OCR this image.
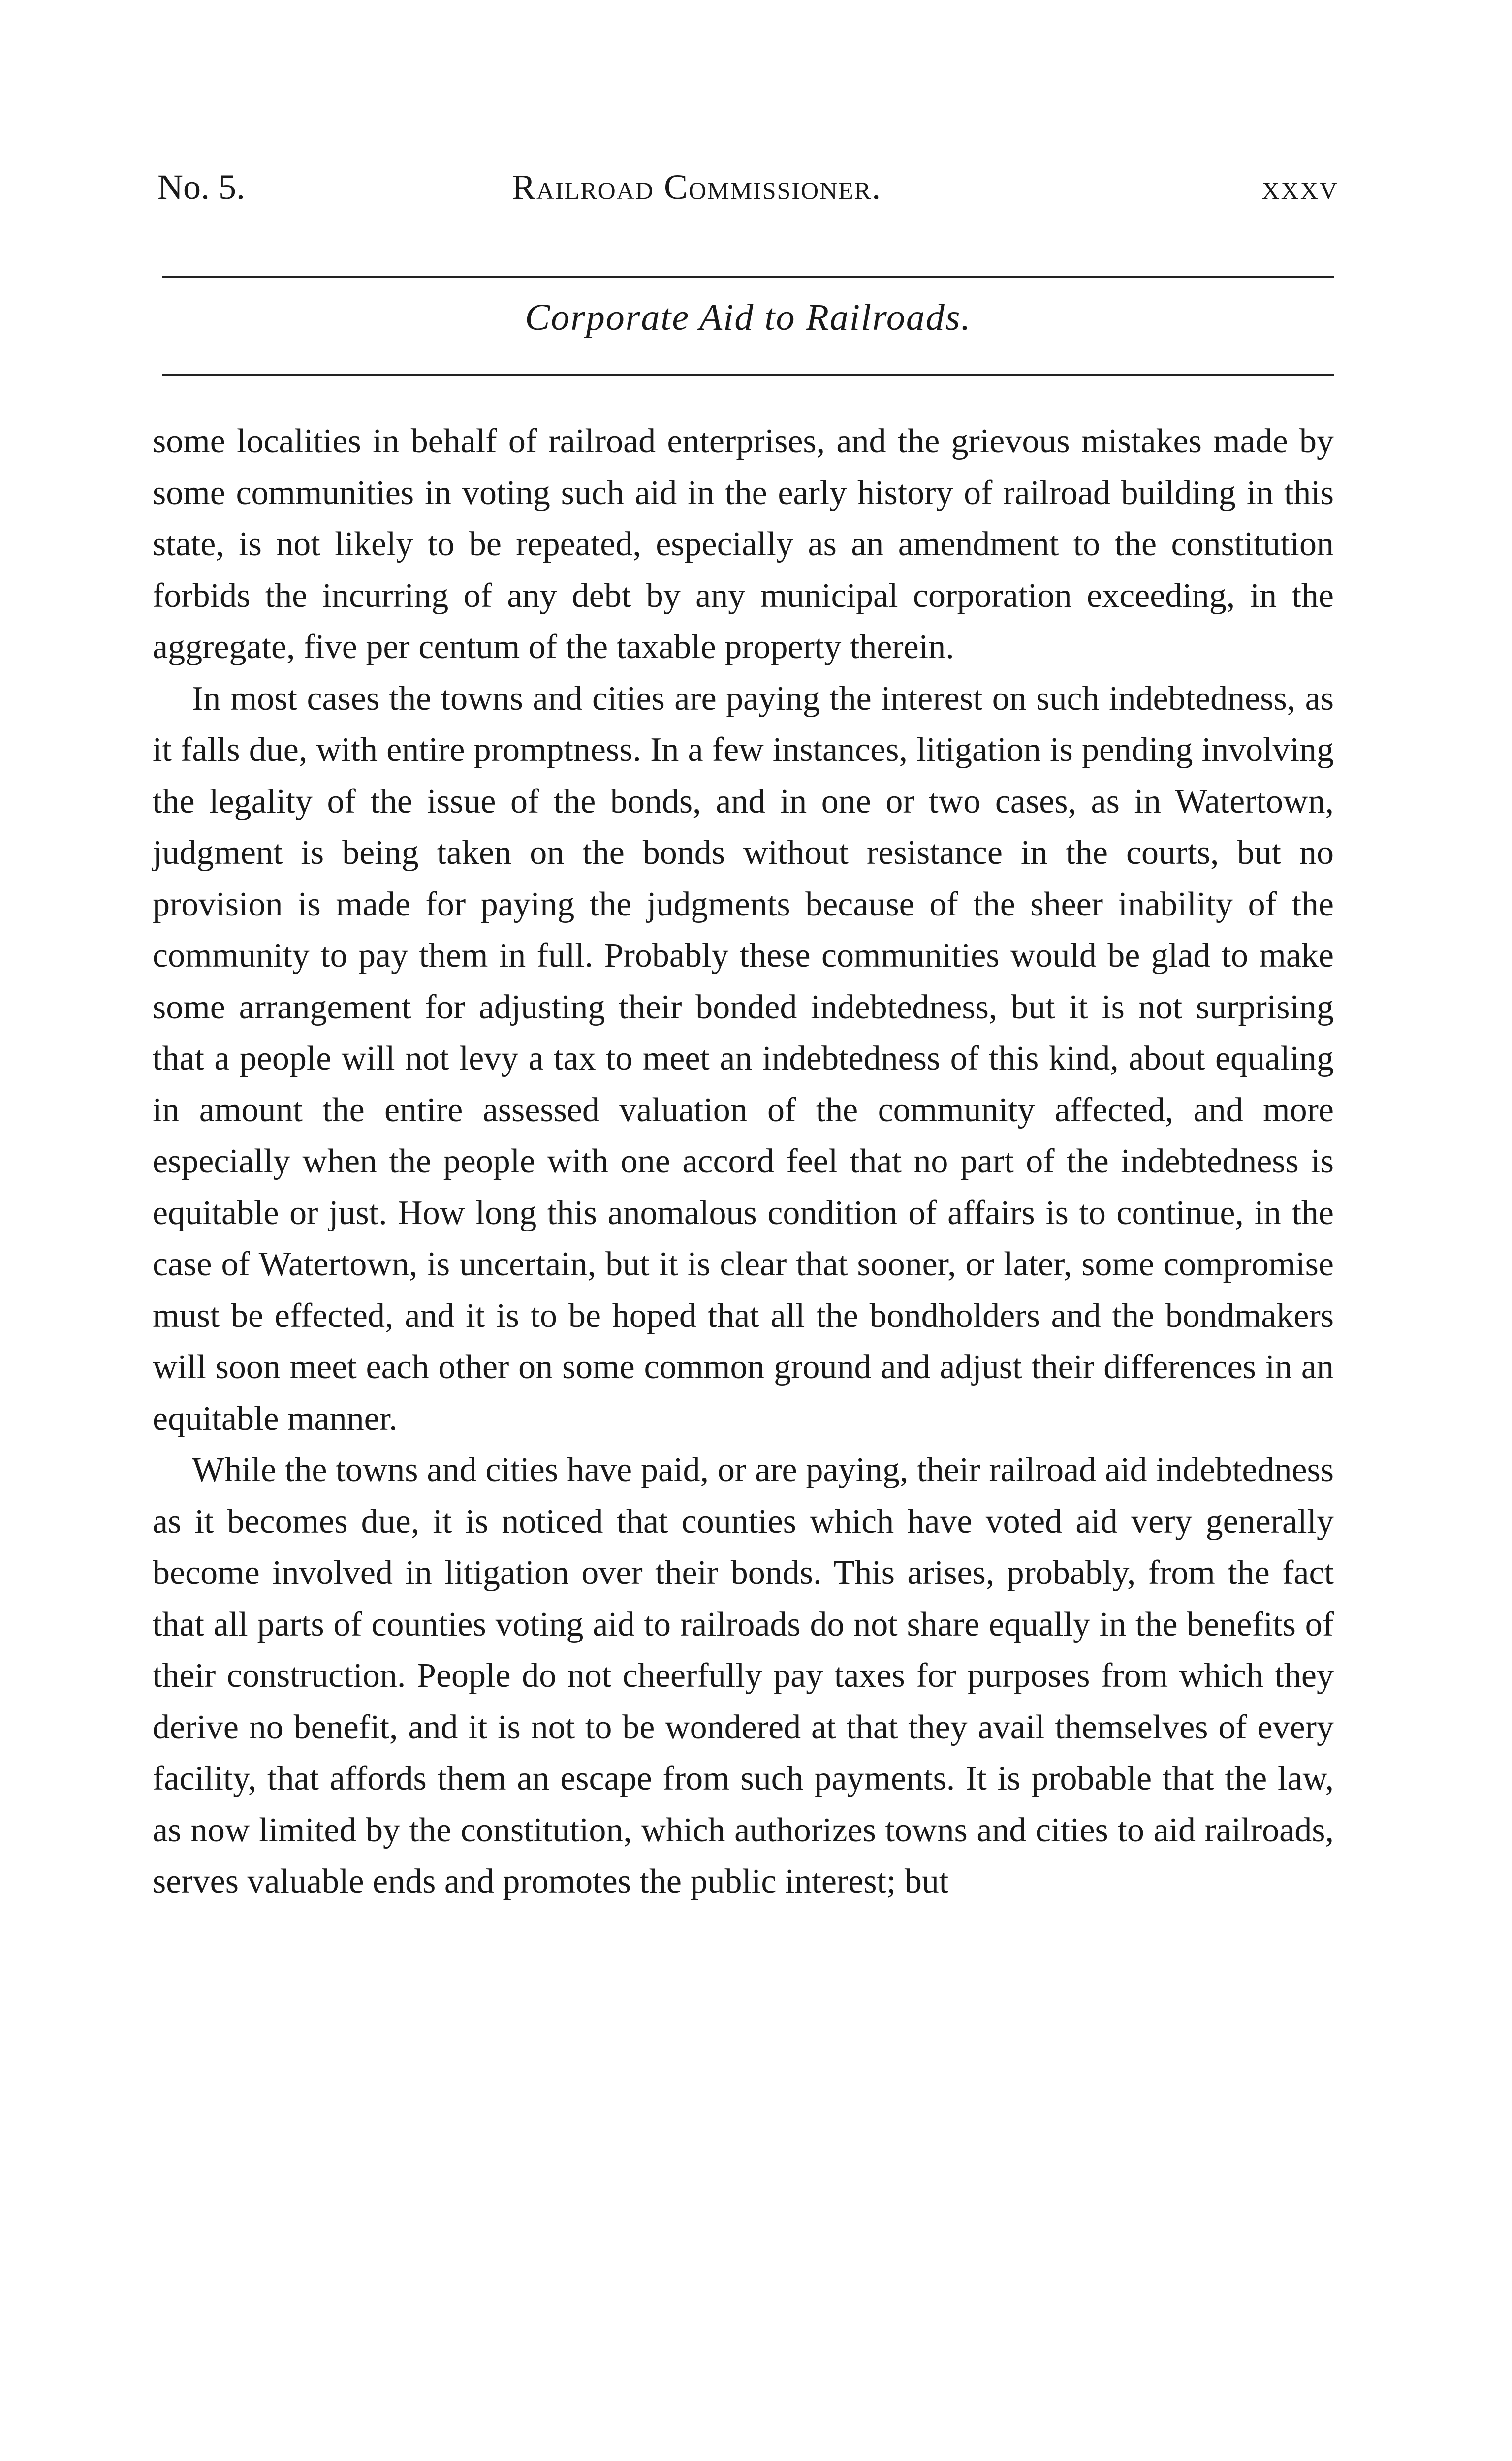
No. 5.	Railroad Commissioner.	xxxv
Corporate Aid to Railroads.

some localities in behalf of railroad enterprises, and the grievous mistakes made by some communities in voting such aid in the early history of railroad building in this state, is not likely to be repeated, especially as an amendment to the constitution forbids the incurring of any debt by any municipal corporation exceeding, in the aggregate, five per centum of the taxable property therein.

In most cases the towns and cities are paying the interest on such indebtedness, as it falls due, with entire promptness. In a few instances, litigation is pending involving the legality of the issue of the bonds, and in one or two cases, as in Watertown, judgment is being taken on the bonds without resistance in the courts, but no provision is made for paying the judgments because of the sheer inability of the community to pay them in full. Probably these communities would be glad to make some arrangement for adjusting their bonded indebtedness, but it is not surprising that a people will not levy a tax to meet an indebtedness of this kind, about equaling in amount the entire assessed valuation of the community affected, and more especially when the people with one accord feel that no part of the indebtedness is equitable or just. How long this anomalous condition of affairs is to continue, in the case of Watertown, is uncertain, but it is clear that sooner, or later, some compromise must be effected, and it is to be hoped that all the bondholders and the bondmakers will soon meet each other on some common ground and adjust their differences in an equitable manner.

While the towns and cities have paid, or are paying, their railroad aid indebtedness as it becomes due, it is noticed that counties which have voted aid very generally become involved in litigation over their bonds. This arises, probably, from the fact that all parts of counties voting aid to railroads do not share equally in the benefits of their construction. People do not cheerfully pay taxes for purposes from which they derive no benefit, and it is not to be wondered at that they avail themselves of every facility, that affords them an escape from such payments. It is probable that the law, as now limited by the constitution, which authorizes towns and cities to aid railroads, serves valuable ends and promotes the public interest; but
